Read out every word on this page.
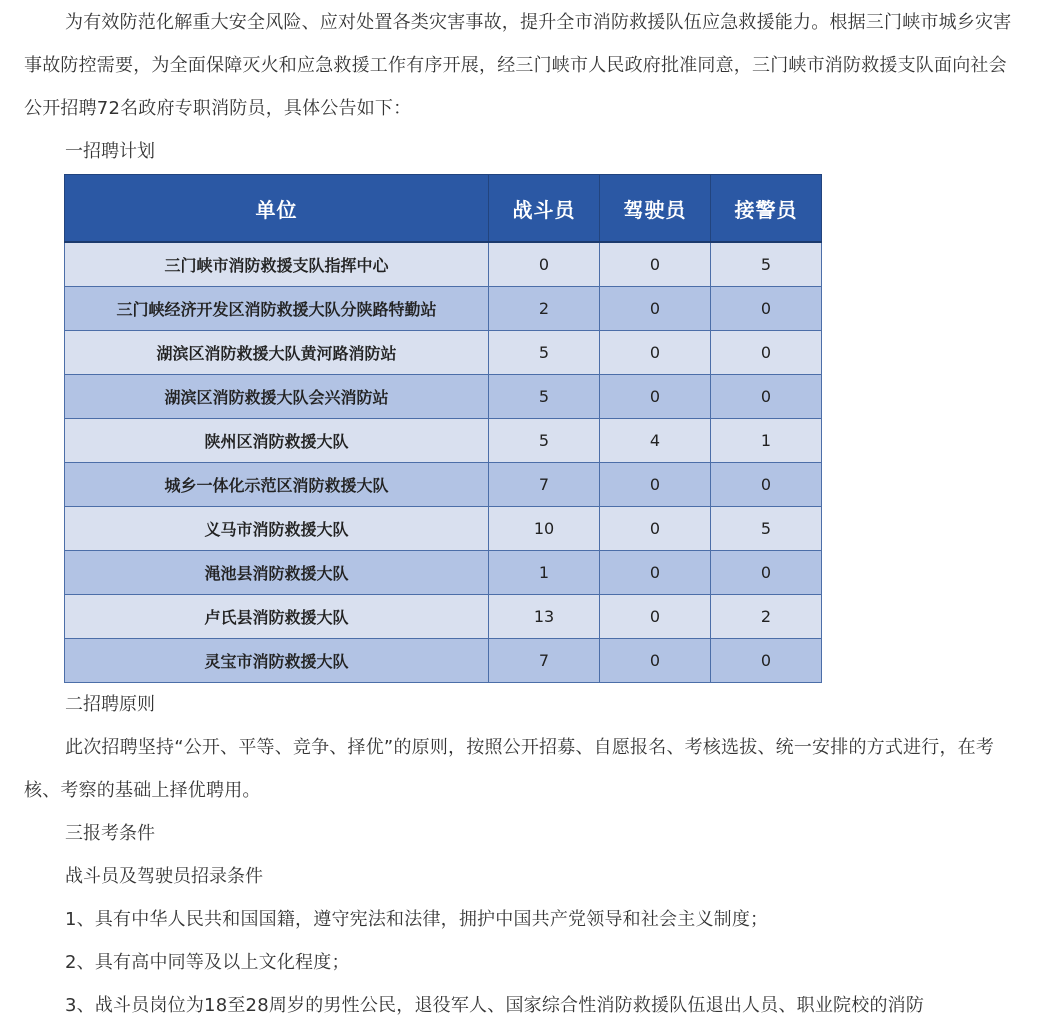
为有效防范化解重大安全风险、应对处置各类灾害事故，提升全市消防救援队伍应急救援能力。根据三门峡市城乡灾害事故防控需要，为全面保障灭火和应急救援工作有序开展，经三门峡市人民政府批准同意，三门峡市消防救援支队面向社会公开招聘72名政府专职消防员，具体公告如下：

一招聘计划

单位	战斗员	驾驶员	接警员
三门峡市消防救援支队指挥中心	0	0	5
三门峡经济开发区消防救援大队分陕路特勤站	2	0	0
湖滨区消防救援大队黄河路消防站	5	0	0
湖滨区消防救援大队会兴消防站	5	0	0
陕州区消防救援大队	5	4	1
城乡一体化示范区消防救援大队	7	0	0
义马市消防救援大队	10	0	5
渑池县消防救援大队	1	0	0
卢氏县消防救援大队	13	0	2
灵宝市消防救援大队	7	0	0

二招聘原则

此次招聘坚持“公开、平等、竞争、择优”的原则，按照公开招募、自愿报名、考核选拔、统一安排的方式进行，在考核、考察的基础上择优聘用。

三报考条件

战斗员及驾驶员招录条件

1、具有中华人民共和国国籍，遵守宪法和法律，拥护中国共产党领导和社会主义制度；

2、具有高中同等及以上文化程度；

3、战斗员岗位为18至28周岁的男性公民，退役军人、国家综合性消防救援队伍退出人员、职业院校的消防
